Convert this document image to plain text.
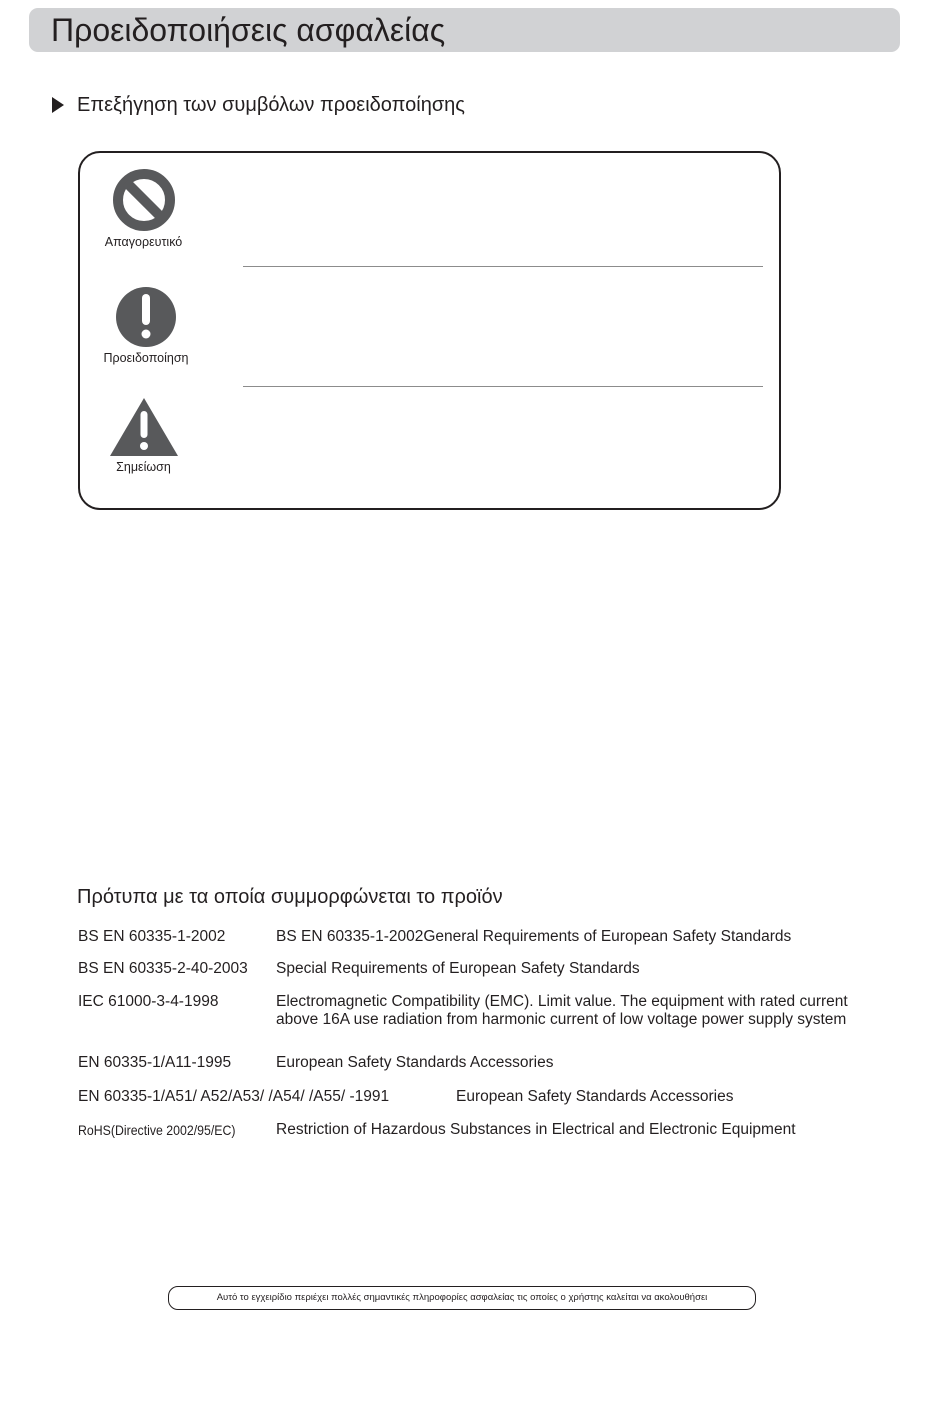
Προειδοποιήσεις ασφαλείας
Επεξήγηση των συμβόλων προειδοποίησης
Απαγορευτικό
Προειδοποίηση
Σημείωση
Πρότυπα με τα οποία συμμορφώνεται το προϊόν
BS EN 60335-1-2002	BS EN 60335-1-2002General Requirements of European Safety Standards
BS EN 60335-2-40-2003 Special Requirements of European Safety Standards
IEC 61000-3-4-1998	Electromagnetic Compatibility (EMC). Limit value. The equipment with rated current above 16A use radiation from harmonic current of low voltage power supply system
EN 60335-1/A11-1995	European Safety Standards Accessories
EN 60335-1/A51/ A52/A53/ /A54/ /A55/ -1991	European Safety Standards Accessories
RoHS(Directive 2002/95/EC)	Restriction of Hazardous Substances in Electrical and Electronic Equipment
Αυτό το εγχειρίδιο περιέχει πολλές σημαντικές πληροφορίες ασφαλείας τις οποίες ο χρήστης καλείται να ακολουθήσει
